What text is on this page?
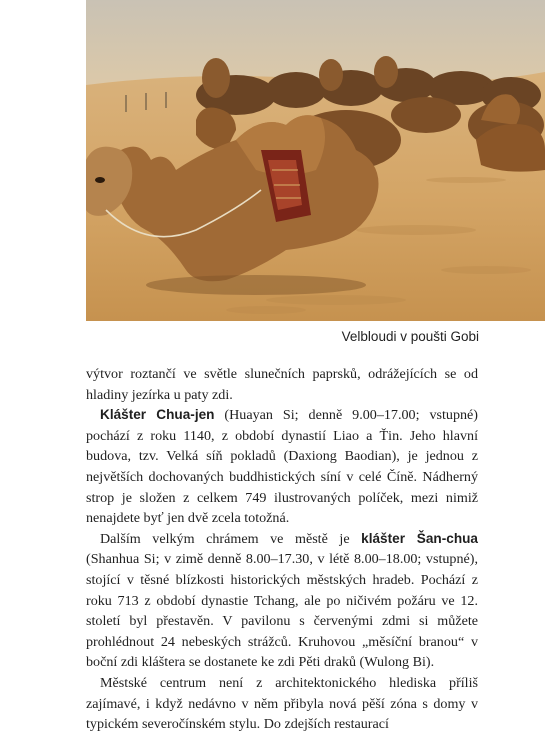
Velbloudi v poušti Gobi

výtvor roztančí ve světle slunečních paprsků, odrážejících se od hladiny jezírka u paty zdi.

Klášter Chua-jen (Huayan Si; denně 9.00–17.00; vstupné) pochází z roku 1140, z období dynastií Liao a Ťin. Jeho hlavní budova, tzv. Velká síň pokladů (Daxiong Baodian), je jednou z největších dochovaných buddhistických síní v celé Číně. Nádherný strop je složen z celkem 749 ilustrovaných políček, mezi nimiž nenajdete byť jen dvě zcela totožná.

Dalším velkým chrámem ve městě je klášter Šan-chua (Shanhua Si; v zimě denně 8.00–17.30, v létě 8.00–18.00; vstupné), stojící v těsné blízkosti historických městských hradeb. Pochází z roku 713 z období dynastie Tchang, ale po ničivém požáru ve 12. století byl přestavěn. V pavilonu s červenými zdmi si můžete prohlédnout 24 nebeských strážců. Kruhovou „měsíční branou“ v boční zdi kláštera se dostanete ke zdi Pěti draků (Wulong Bi).

Městské centrum není z architektonického hlediska příliš zajímavé, i když nedávno v něm přibyla nová pěší zóna s domy v typickém severočínském stylu. Do zdejších restaurací
